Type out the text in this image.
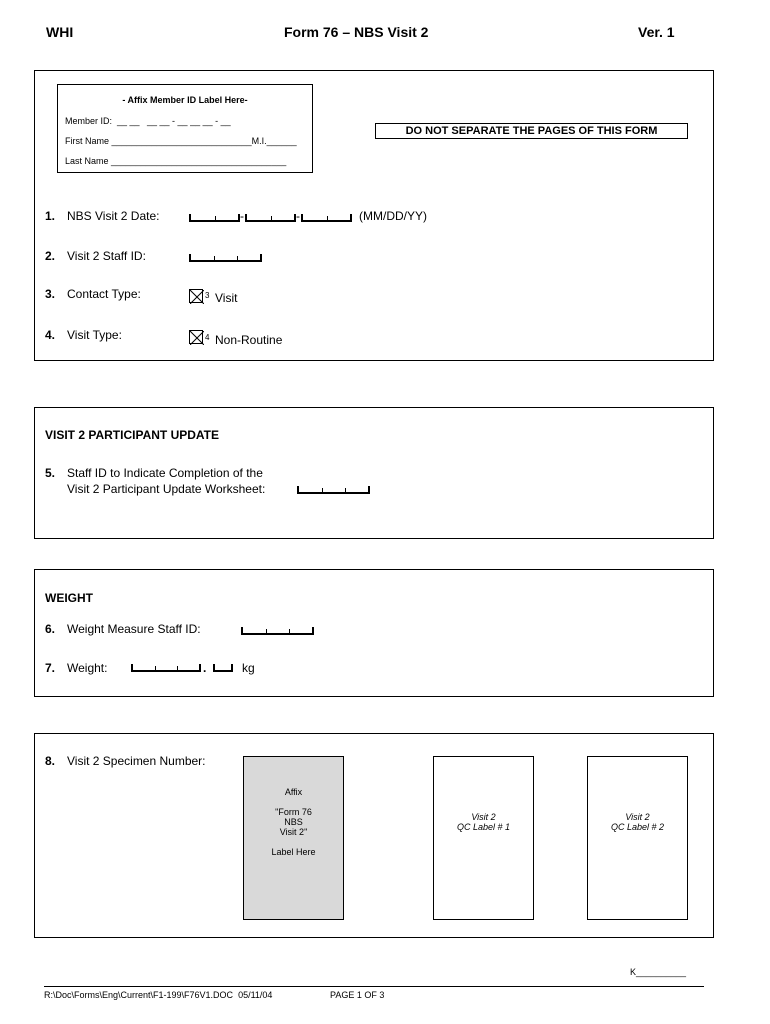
WHI	Form 76 – NBS Visit 2	Ver. 1
- Affix Member ID Label Here-
Member ID:  __ __   __ __ - __ __ __ - __
First Name ____________________________M.I.______
Last Name ___________________________________
DO NOT SEPARATE THE PAGES OF THIS FORM
1. NBS Visit 2 Date:	-	-	(MM/DD/YY)
2. Visit 2 Staff ID:
3. Contact Type:	3 Visit
4. Visit Type:	4 Non-Routine
VISIT 2 PARTICIPANT UPDATE
5. Staff ID to Indicate Completion of the
Visit 2 Participant Update Worksheet:
WEIGHT
6. Weight Measure Staff ID:
7. Weight:	.	kg
8. Visit 2 Specimen Number:
Affix
"Form 76
NBS
Visit 2"
Label Here
Visit 2
QC Label # 1
Visit 2
QC Label # 2
K__________
R:\Doc\Forms\Eng\Current\F1-199\F76V1.DOC  05/11/04	PAGE 1 OF 3
